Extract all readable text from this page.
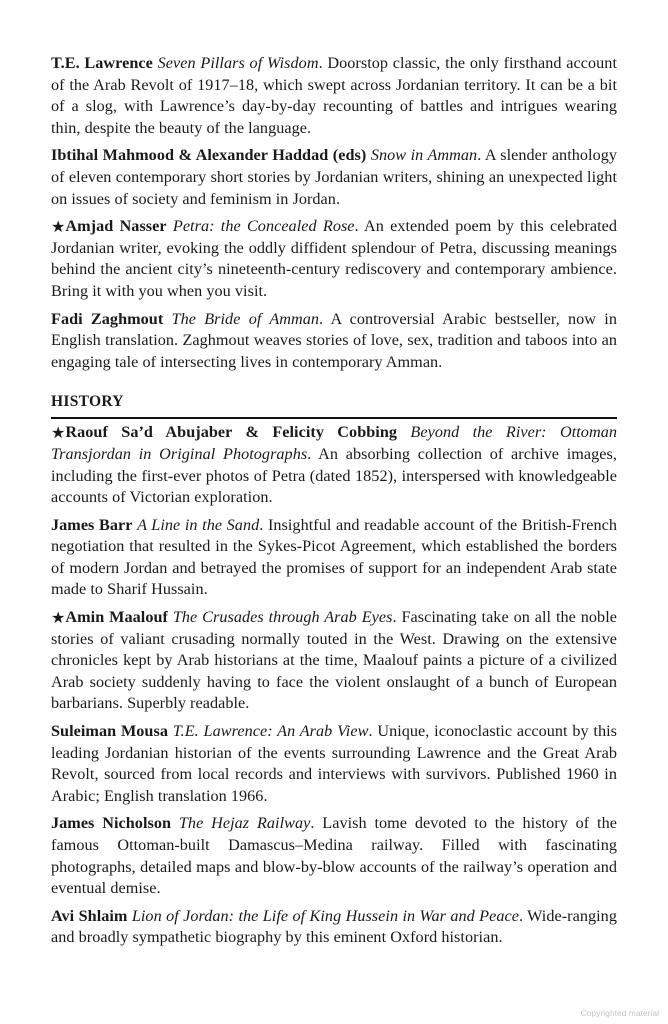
T.E. Lawrence Seven Pillars of Wisdom. Doorstop classic, the only firsthand account of the Arab Revolt of 1917–18, which swept across Jordanian territory. It can be a bit of a slog, with Lawrence’s day-by-day recounting of battles and intrigues wearing thin, despite the beauty of the language.

Ibtihal Mahmood & Alexander Haddad (eds) Snow in Amman. A slender anthology of eleven contemporary short stories by Jordanian writers, shining an unexpected light on issues of society and feminism in Jordan.

★Amjad Nasser Petra: the Concealed Rose. An extended poem by this celebrated Jordanian writer, evoking the oddly diffident splendour of Petra, discussing meanings behind the ancient city’s nineteenth-century rediscovery and contemporary ambience. Bring it with you when you visit.

Fadi Zaghmout The Bride of Amman. A controversial Arabic bestseller, now in English translation. Zaghmout weaves stories of love, sex, tradition and taboos into an engaging tale of intersecting lives in contemporary Amman.

HISTORY

★Raouf Sa’d Abujaber & Felicity Cobbing Beyond the River: Ottoman Transjordan in Original Photographs. An absorbing collection of archive images, including the first-ever photos of Petra (dated 1852), interspersed with knowledgeable accounts of Victorian exploration.

James Barr A Line in the Sand. Insightful and readable account of the British-French negotiation that resulted in the Sykes-Picot Agreement, which established the borders of modern Jordan and betrayed the promises of support for an independent Arab state made to Sharif Hussain.

★Amin Maalouf The Crusades through Arab Eyes. Fascinating take on all the noble stories of valiant crusading normally touted in the West. Drawing on the extensive chronicles kept by Arab historians at the time, Maalouf paints a picture of a civilized Arab society suddenly having to face the violent onslaught of a bunch of European barbarians. Superbly readable.

Suleiman Mousa T.E. Lawrence: An Arab View. Unique, iconoclastic account by this leading Jordanian historian of the events surrounding Lawrence and the Great Arab Revolt, sourced from local records and interviews with survivors. Published 1960 in Arabic; English translation 1966.

James Nicholson The Hejaz Railway. Lavish tome devoted to the history of the famous Ottoman-built Damascus–Medina railway. Filled with fascinating photographs, detailed maps and blow-by-blow accounts of the railway’s operation and eventual demise.

Avi Shlaim Lion of Jordan: the Life of King Hussein in War and Peace. Wide-ranging and broadly sympathetic biography by this eminent Oxford historian.

Copyrighted material
